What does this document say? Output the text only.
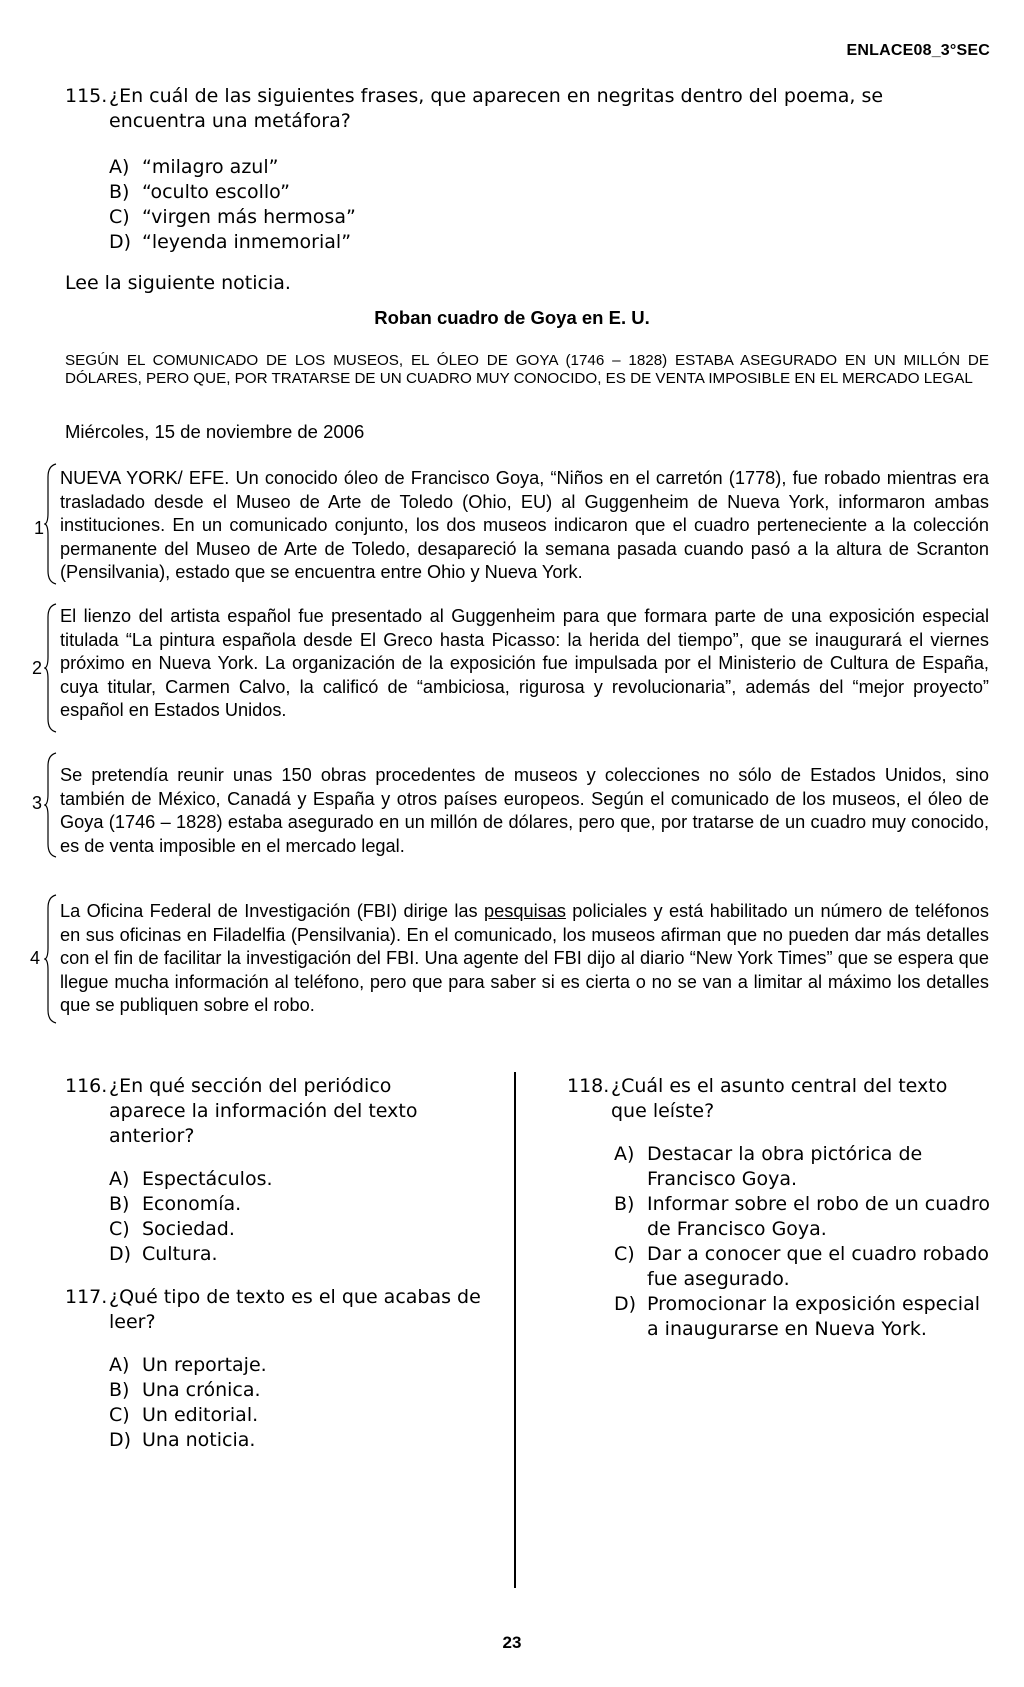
ENLACE08_3°SEC
115. ¿En cuál de las siguientes frases, que aparecen en negritas dentro del poema, se encuentra una metáfora?
A) “milagro azul”
B) “oculto escollo”
C) “virgen más hermosa”
D) “leyenda inmemorial”
Lee la siguiente noticia.
Roban cuadro de Goya en E. U.
SEGÚN EL COMUNICADO DE LOS MUSEOS, EL ÓLEO DE GOYA (1746 – 1828) ESTABA ASEGURADO EN UN MILLÓN DE DÓLARES, PERO QUE, POR TRATARSE DE UN CUADRO MUY CONOCIDO, ES DE VENTA IMPOSIBLE EN EL MERCADO LEGAL
Miércoles, 15 de noviembre de 2006
1
NUEVA YORK/ EFE. Un conocido óleo de Francisco Goya, “Niños en el carretón (1778), fue robado mientras era trasladado desde el Museo de Arte de Toledo (Ohio, EU) al Guggenheim de Nueva York, informaron ambas instituciones. En un comunicado conjunto, los dos museos indicaron que el cuadro perteneciente a la colección permanente del Museo de Arte de Toledo, desapareció la semana pasada cuando pasó a la altura de Scranton (Pensilvania), estado que se encuentra entre Ohio y Nueva York.
2
El lienzo del artista español fue presentado al Guggenheim para que formara parte de una exposición especial titulada “La pintura española desde El Greco hasta Picasso: la herida del tiempo”, que se inaugurará el viernes próximo en Nueva York. La organización de la exposición fue impulsada por el Ministerio de Cultura de España, cuya titular, Carmen Calvo, la calificó de “ambiciosa, rigurosa y revolucionaria”, además del “mejor proyecto” español en Estados Unidos.
3
Se pretendía reunir unas 150 obras procedentes de museos y colecciones no sólo de Estados Unidos, sino también de México, Canadá y España y otros países europeos. Según el comunicado de los museos, el óleo de Goya (1746 – 1828) estaba asegurado en un millón de dólares, pero que, por tratarse de un cuadro muy conocido, es de venta imposible en el mercado legal.
4
La Oficina Federal de Investigación (FBI) dirige las pesquisas policiales y está habilitado un número de teléfonos en sus oficinas en Filadelfia (Pensilvania). En el comunicado, los museos afirman que no pueden dar más detalles con el fin de facilitar la investigación del FBI. Una agente del FBI dijo al diario “New York Times” que se espera que llegue mucha información al teléfono, pero que para saber si es cierta o no se van a limitar al máximo los detalles que se publiquen sobre el robo.
116. ¿En qué sección del periódico aparece la información del texto anterior?
A) Espectáculos.
B) Economía.
C) Sociedad.
D) Cultura.
117. ¿Qué tipo de texto es el que acabas de leer?
A) Un reportaje.
B) Una crónica.
C) Un editorial.
D) Una noticia.
118. ¿Cuál es el asunto central del texto que leíste?
A) Destacar la obra pictórica de Francisco Goya.
B) Informar sobre el robo de un cuadro de Francisco Goya.
C) Dar a conocer que el cuadro robado fue asegurado.
D) Promocionar la exposición especial a inaugurarse en Nueva York.
23
